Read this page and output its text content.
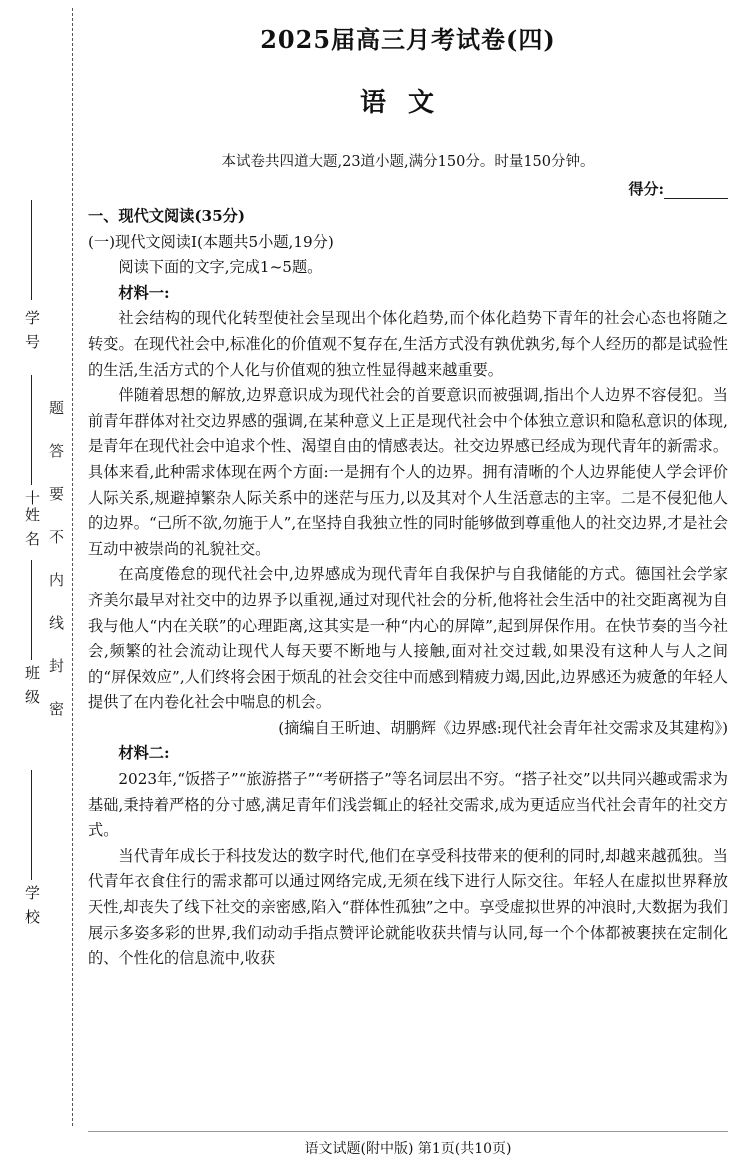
学 号
十姓 名
班 级
学 校
题
答
要
不
内
线
封
密
2025届高三月考试卷(四)
语文
本试卷共四道大题,23道小题,满分150分。时量150分钟。
得分:

一、现代文阅读(35分)

(一)现代文阅读Ⅰ(本题共5小题,19分)

阅读下面的文字,完成1~5题。

材料一:

社会结构的现代化转型使社会呈现出个体化趋势,而个体化趋势下青年的社会心态也将随之转变。在现代社会中,标准化的价值观不复存在,生活方式没有孰优孰劣,每个人经历的都是试验性的生活,生活方式的个人化与价值观的独立性显得越来越重要。

伴随着思想的解放,边界意识成为现代社会的首要意识而被强调,指出个人边界不容侵犯。当前青年群体对社交边界感的强调,在某种意义上正是现代社会中个体独立意识和隐私意识的体现,是青年在现代社会中追求个性、渴望自由的情感表达。社交边界感已经成为现代青年的新需求。具体来看,此种需求体现在两个方面:一是拥有个人的边界。拥有清晰的个人边界能使人学会评价人际关系,规避掉繁杂人际关系中的迷茫与压力,以及其对个人生活意志的主宰。二是不侵犯他人的边界。“己所不欲,勿施于人”,在坚持自我独立性的同时能够做到尊重他人的社交边界,才是社会互动中被崇尚的礼貌社交。

在高度倦怠的现代社会中,边界感成为现代青年自我保护与自我储能的方式。德国社会学家齐美尔最早对社交中的边界予以重视,通过对现代社会的分析,他将社会生活中的社交距离视为自我与他人“内在关联”的心理距离,这其实是一种“内心的屏障”,起到屏保作用。在快节奏的当今社会,频繁的社会流动让现代人每天要不断地与人接触,面对社交过载,如果没有这种人与人之间的“屏保效应”,人们终将会困于烦乱的社会交往中而感到精疲力竭,因此,边界感还为疲惫的年轻人提供了在内卷化社会中喘息的机会。

(摘编自王昕迪、胡鹏辉《边界感:现代社会青年社交需求及其建构》)

材料二:

2023年,“饭搭子”“旅游搭子”“考研搭子”等名词层出不穷。“搭子社交”以共同兴趣或需求为基础,秉持着严格的分寸感,满足青年们浅尝辄止的轻社交需求,成为更适应当代社会青年的社交方式。

当代青年成长于科技发达的数字时代,他们在享受科技带来的便利的同时,却越来越孤独。当代青年衣食住行的需求都可以通过网络完成,无须在线下进行人际交往。年轻人在虚拟世界释放天性,却丧失了线下社交的亲密感,陷入“群体性孤独”之中。享受虚拟世界的冲浪时,大数据为我们展示多姿多彩的世界,我们动动手指点赞评论就能收获共情与认同,每一个个体都被裹挟在定制化的、个性化的信息流中,收获

语文试题(附中版) 第1页(共10页)
